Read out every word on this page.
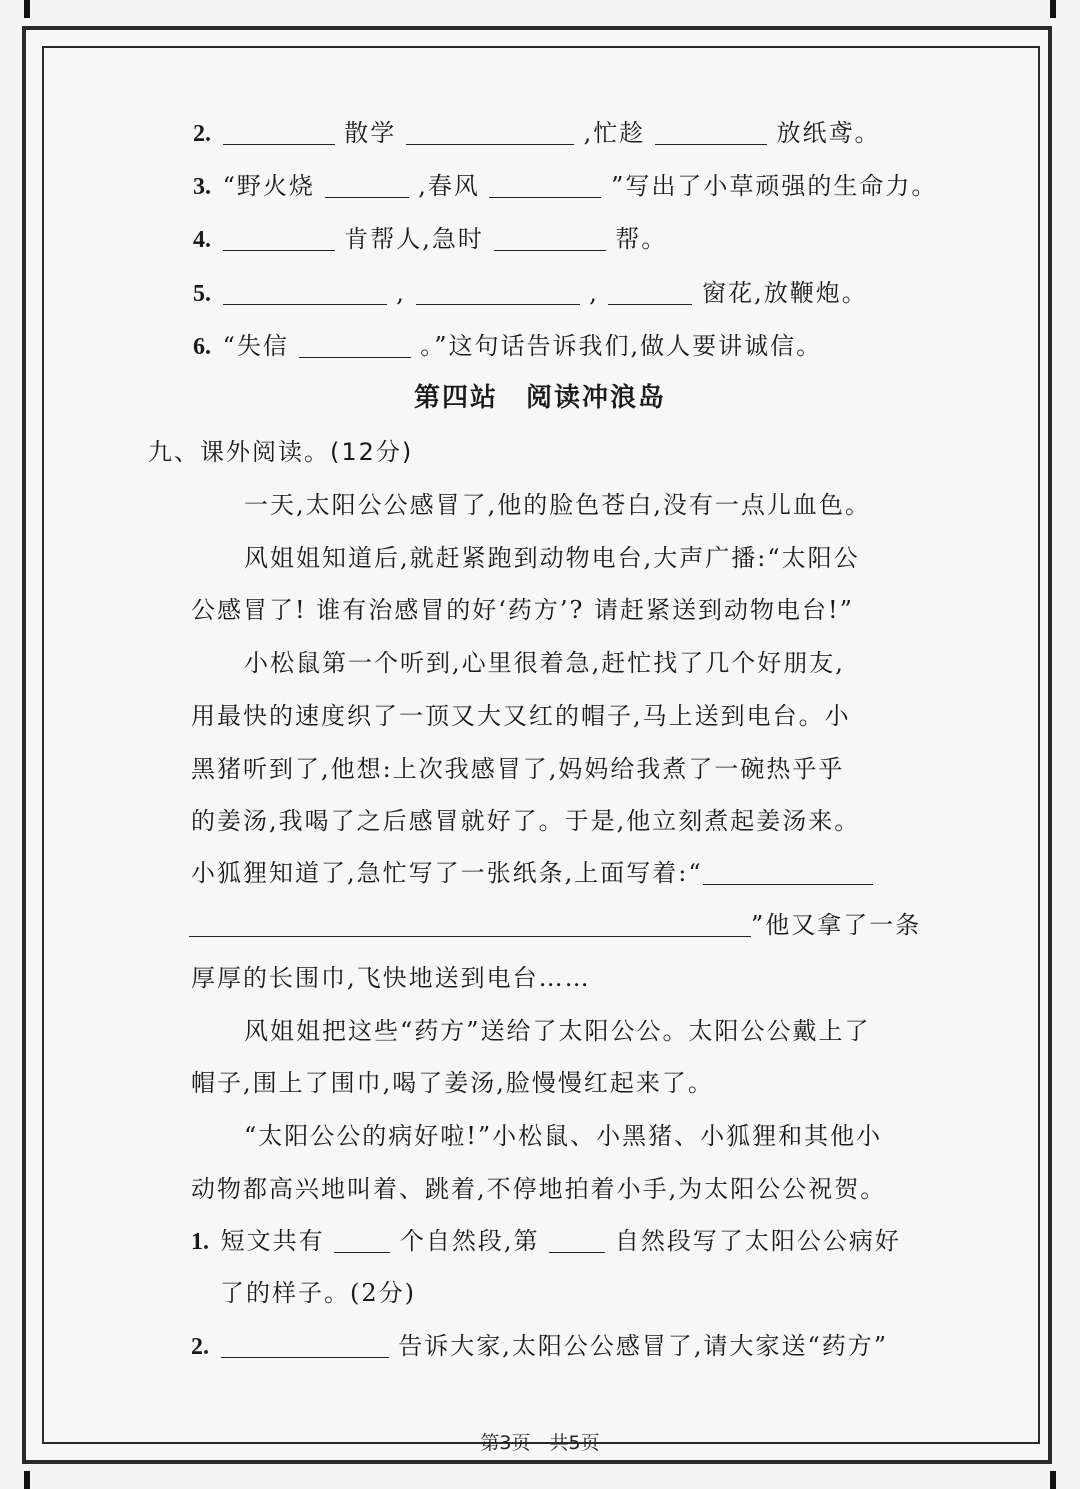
2.	散学	,忙趁	放纸鸢。
3. “野火烧	,春风	”写出了小草顽强的生命力。
4.	肯帮人,急时	帮。
5.	,	,	窗花,放鞭炮。
6. “失信	。”这句话告诉我们,做人要讲诚信。
第四站　阅读冲浪岛
九、课外阅读。(12分)
一天,太阳公公感冒了,他的脸色苍白,没有一点儿血色。
风姐姐知道后,就赶紧跑到动物电台,大声广播:“太阳公
公感冒了! 谁有治感冒的好‘药方’? 请赶紧送到动物电台!”
小松鼠第一个听到,心里很着急,赶忙找了几个好朋友,
用最快的速度织了一顶又大又红的帽子,马上送到电台。小
黑猪听到了,他想:上次我感冒了,妈妈给我煮了一碗热乎乎
的姜汤,我喝了之后感冒就好了。于是,他立刻煮起姜汤来。
小狐狸知道了,急忙写了一张纸条,上面写着:“
”他又拿了一条
厚厚的长围巾,飞快地送到电台……
风姐姐把这些“药方”送给了太阳公公。太阳公公戴上了
帽子,围上了围巾,喝了姜汤,脸慢慢红起来了。
“太阳公公的病好啦!”小松鼠、小黑猪、小狐狸和其他小
动物都高兴地叫着、跳着,不停地拍着小手,为太阳公公祝贺。
1. 短文共有	个自然段,第	自然段写了太阳公公病好
了的样子。(2分)
2.	告诉大家,太阳公公感冒了,请大家送“药方”
第3页　共5页
